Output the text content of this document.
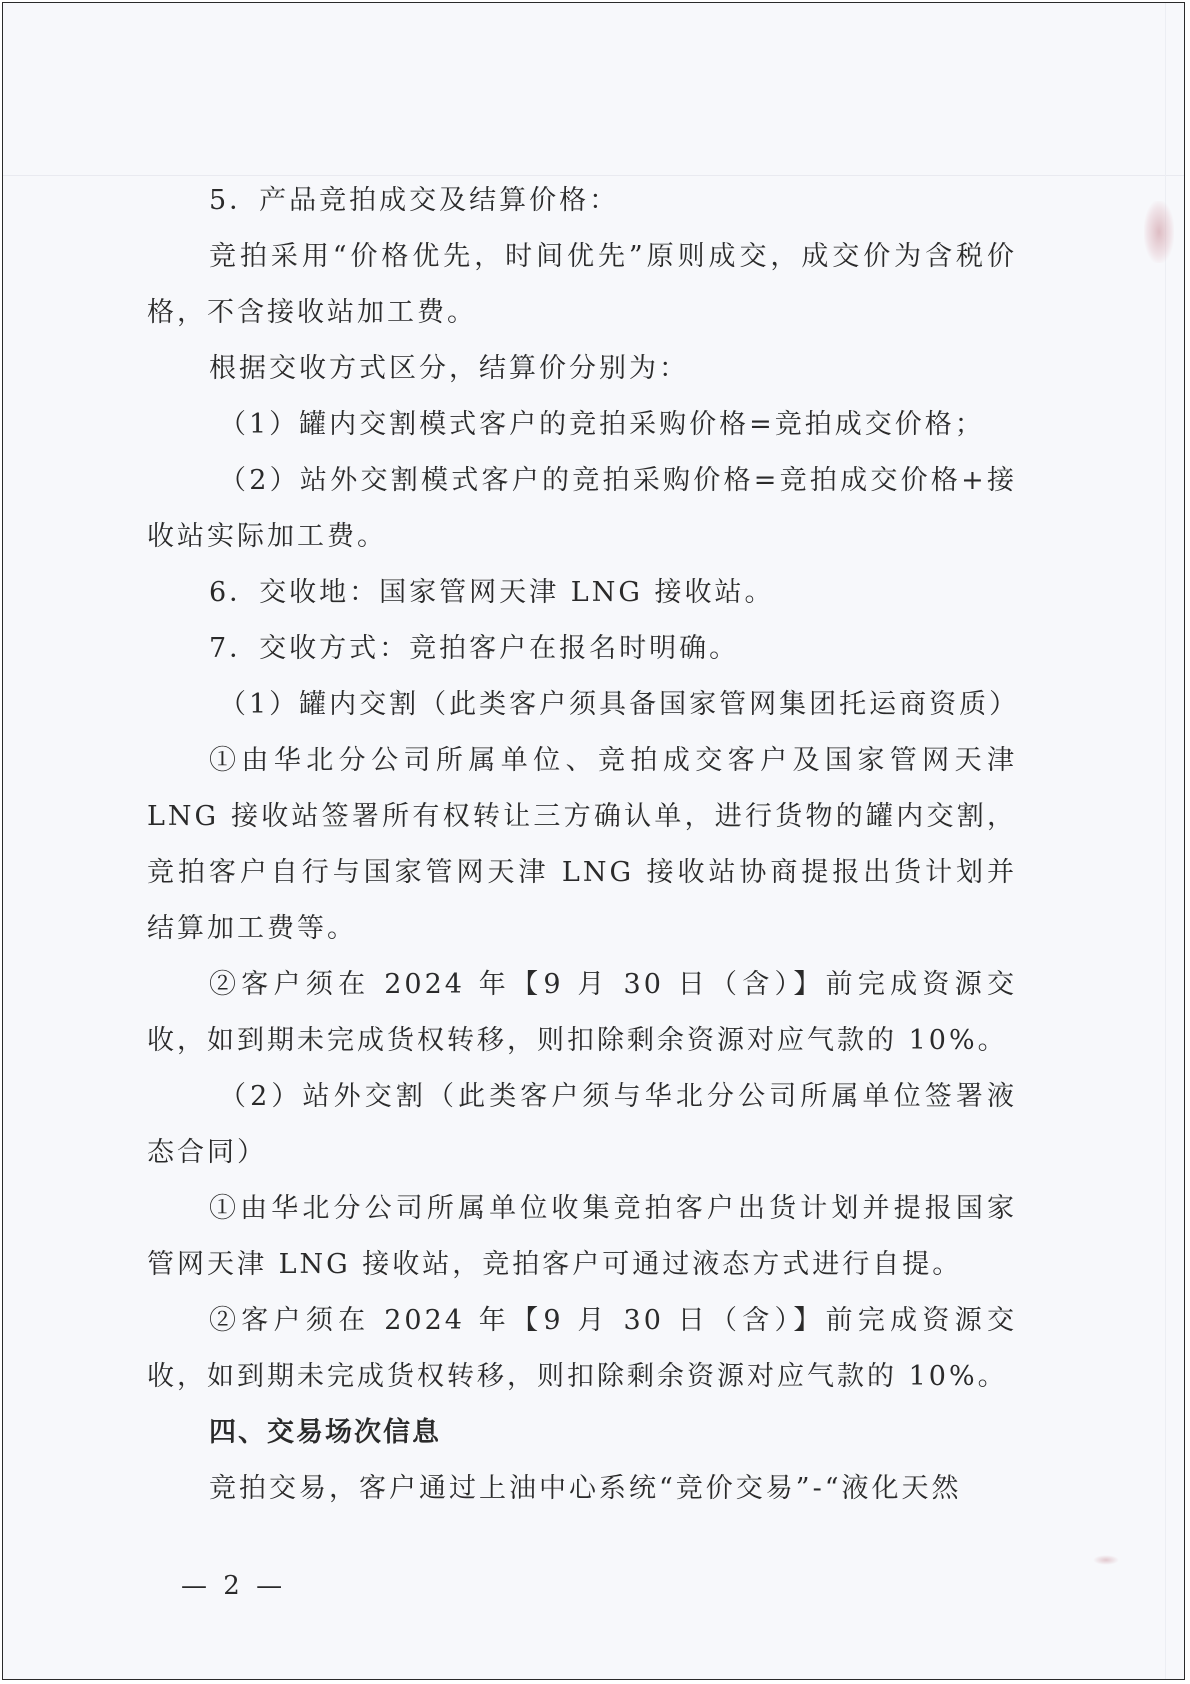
5．产品竞拍成交及结算价格：

竞拍采用“价格优先，时间优先”原则成交，成交价为含税价格，不含接收站加工费。

根据交收方式区分，结算价分别为：

（1）罐内交割模式客户的竞拍采购价格=竞拍成交价格；

（2）站外交割模式客户的竞拍采购价格=竞拍成交价格+接收站实际加工费。

6．交收地：国家管网天津 LNG 接收站。

7．交收方式：竞拍客户在报名时明确。

（1）罐内交割（此类客户须具备国家管网集团托运商资质）

①由华北分公司所属单位、竞拍成交客户及国家管网天津 LNG 接收站签署所有权转让三方确认单，进行货物的罐内交割，竞拍客户自行与国家管网天津 LNG 接收站协商提报出货计划并结算加工费等。

②客户须在 2024 年【9 月 30 日（含）】前完成资源交收，如到期未完成货权转移，则扣除剩余资源对应气款的 10%。

（2）站外交割（此类客户须与华北分公司所属单位签署液态合同）

①由华北分公司所属单位收集竞拍客户出货计划并提报国家管网天津 LNG 接收站，竞拍客户可通过液态方式进行自提。

②客户须在 2024 年【9 月 30 日（含）】前完成资源交收，如到期未完成货权转移，则扣除剩余资源对应气款的 10%。

四、交易场次信息

竞拍交易，客户通过上油中心系统“竞价交易”-“液化天然

— 2 —
